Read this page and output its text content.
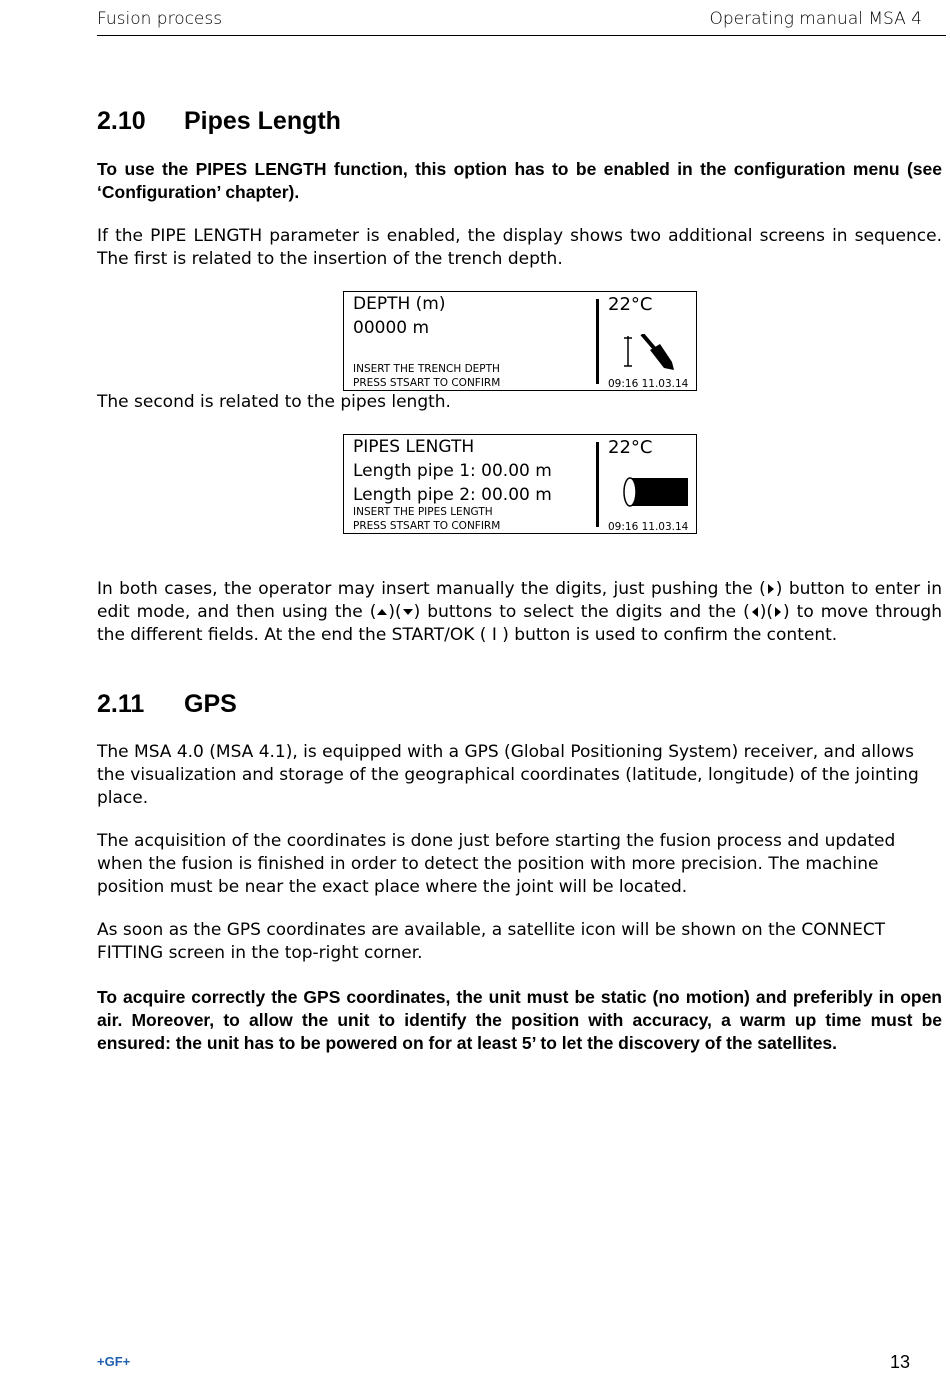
Fusion process	Operating manual MSA 4
2.10 Pipes Length
To use the PIPES LENGTH function, this option has to be enabled in the configuration menu (see ‘Configuration’ chapter).
If the PIPE LENGTH parameter is enabled, the display shows two additional screens in sequence. The first is related to the insertion of the trench depth.
DEPTH (m)
00000 m
INSERT THE TRENCH DEPTH
PRESS STSART TO CONFIRM
22°C
09:16 11.03.14
The second is related to the pipes length.
PIPES LENGTH
Length pipe 1: 00.00 m
Length pipe 2: 00.00 m
INSERT THE PIPES LENGTH
PRESS STSART TO CONFIRM
22°C
09:16 11.03.14
In both cases, the operator may insert manually the digits, just pushing the ( ) button to enter in edit mode, and then using the ( )( ) buttons to select the digits and the ( )( ) to move through the different fields. At the end the START/OK ( I ) button is used to confirm the content.
2.11 GPS
The MSA 4.0 (MSA 4.1), is equipped with a GPS (Global Positioning System) receiver, and allows the visualization and storage of the geographical coordinates (latitude, longitude) of the jointing place.
The acquisition of the coordinates is done just before starting the fusion process and updated when the fusion is finished in order to detect the position with more precision. The machine position must be near the exact place where the joint will be located.
As soon as the GPS coordinates are available, a satellite icon will be shown on the CONNECT FITTING screen in the top-right corner.
To acquire correctly the GPS coordinates, the unit must be static (no motion) and preferibly in open air. Moreover, to allow the unit to identify the position with accuracy, a warm up time must be ensured: the unit has to be powered on for at least 5’ to let the discovery of the satellites.
+GF+	13
